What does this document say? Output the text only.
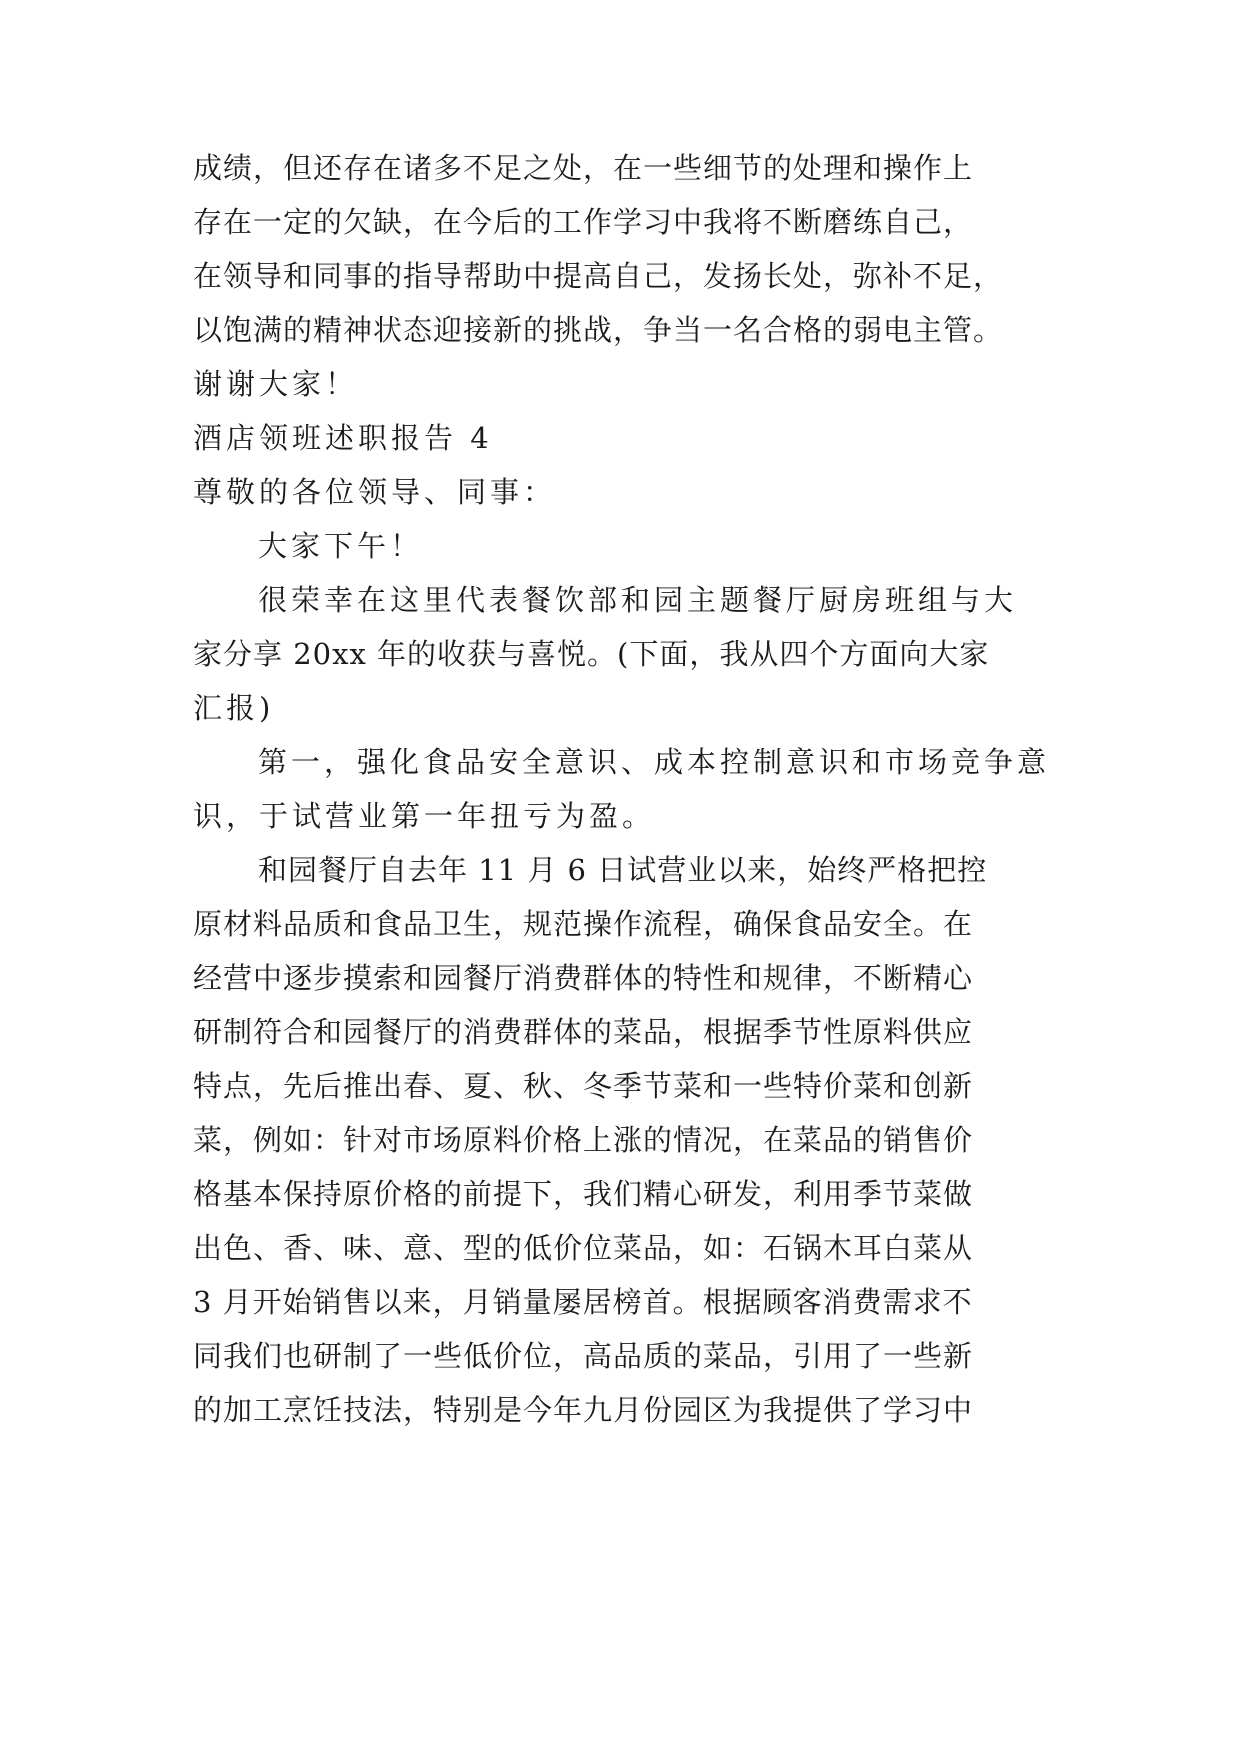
成绩，但还存在诸多不足之处，在一些细节的处理和操作上
存在一定的欠缺，在今后的工作学习中我将不断磨练自己，
在领导和同事的指导帮助中提高自己，发扬长处，弥补不足，
以饱满的精神状态迎接新的挑战，争当一名合格的弱电主管。
谢谢大家！
酒店领班述职报告 4
尊敬的各位领导、同事：
大家下午！
很荣幸在这里代表餐饮部和园主题餐厅厨房班组与大
家分享 20xx 年的收获与喜悦。(下面，我从四个方面向大家
汇报)
第一，强化食品安全意识、成本控制意识和市场竞争意
识，于试营业第一年扭亏为盈。
和园餐厅自去年 11 月 6 日试营业以来，始终严格把控
原材料品质和食品卫生，规范操作流程，确保食品安全。在
经营中逐步摸索和园餐厅消费群体的特性和规律，不断精心
研制符合和园餐厅的消费群体的菜品，根据季节性原料供应
特点，先后推出春、夏、秋、冬季节菜和一些特价菜和创新
菜，例如：针对市场原料价格上涨的情况，在菜品的销售价
格基本保持原价格的前提下，我们精心研发，利用季节菜做
出色、香、味、意、型的低价位菜品，如：石锅木耳白菜从
3 月开始销售以来，月销量屡居榜首。根据顾客消费需求不
同我们也研制了一些低价位，高品质的菜品，引用了一些新
的加工烹饪技法，特别是今年九月份园区为我提供了学习中
